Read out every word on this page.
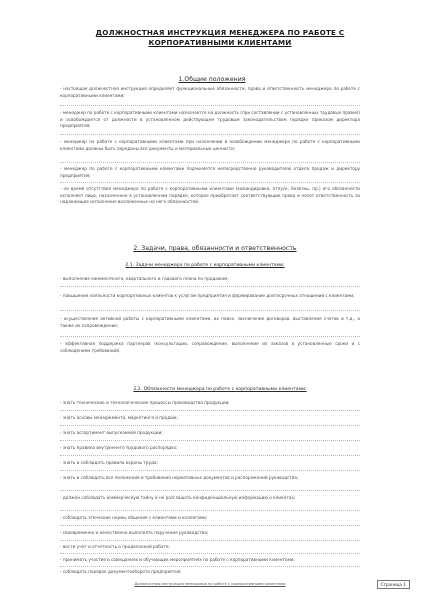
ДОЛЖНОСТНАЯ ИНСТРУКЦИЯ МЕНЕДЖЕРА ПО РАБОТЕ С КОРПОРАТИВНЫМИ КЛИЕНТАМИ
1.Общие положения
- настоящая должностная инструкция определяет функциональные обязанности, права и ответственность менеджера по работе с корпоративными клиентами;
- менеджер по работе с корпоративными клиентами назначается на должность (при составлении с установленных трудовых правил) и освобождается от должности в установленном действующем трудовым законодательством порядке приказом директора предприятия;
- менеджер по работе с корпоративными клиентами при назначении в освобождении менеджера по работе с корпоративными клиентами должны быть переданы все документы и материальные ценности;
- менеджер по работе с корпоративными клиентами подчиняется непосредственно руководителю отдела продаж и директору предприятия;
- на время отсутствия менеджера по работе с корпоративными клиентами (командировка, отпуск, болезнь, пр.) его обязанности исполняет лицо, назначенное в установленном порядке, которое приобретает соответствующие права и несет ответственность за надлежащее исполнение возложенных на него обязанностей.
2. Задачи, права, обязанности и ответственность
2.1. Задачи менеджера по работе с корпоративными клиентами:
- выполнение ежемесячного, квартального и годового плана по продажам;
- повышение лояльности корпоративных клиентов к услугам предприятия и формирование долгосрочных отношений с клиентами;
- осуществление активной работы с корпоративными клиентами, их поиск, заключение договоров, выставление счетов и т.д., а также их сопровождение;
- эффективная поддержка партнеров (консультации, сопровождение, выполнение их заказов в установленные сроки и с соблюдением требований).
2.2. Обязанности менеджера по работе с корпоративными клиентами:
- знать технические и технологические процессы производства продукции;
- знать основы менеджмента, маркетинга и продаж;
- знать ассортимент выпускаемой продукции;
- знать правила внутреннего трудового распорядка;
- знать и соблюдать правила охраны труда;
- знать и соблюдать все положения и требования нормативных документов и распоряжений руководства;
- должен соблюдать коммерческую тайну и не разглашать конфиденциальную информацию о клиентах;
- соблюдать этические нормы общения с клиентами и коллегами;
- своевременно и качественно выполнять поручения руководства;
- вести учет и отчетность о проделанной работе;
- принимать участие в совещаниях и обучающих мероприятиях по работе с корпоративными клиентами;
- соблюдать порядок документооборота предприятия.
Должностная инструкция менеджера по работе с корпоративными клиентами	Страница 1
